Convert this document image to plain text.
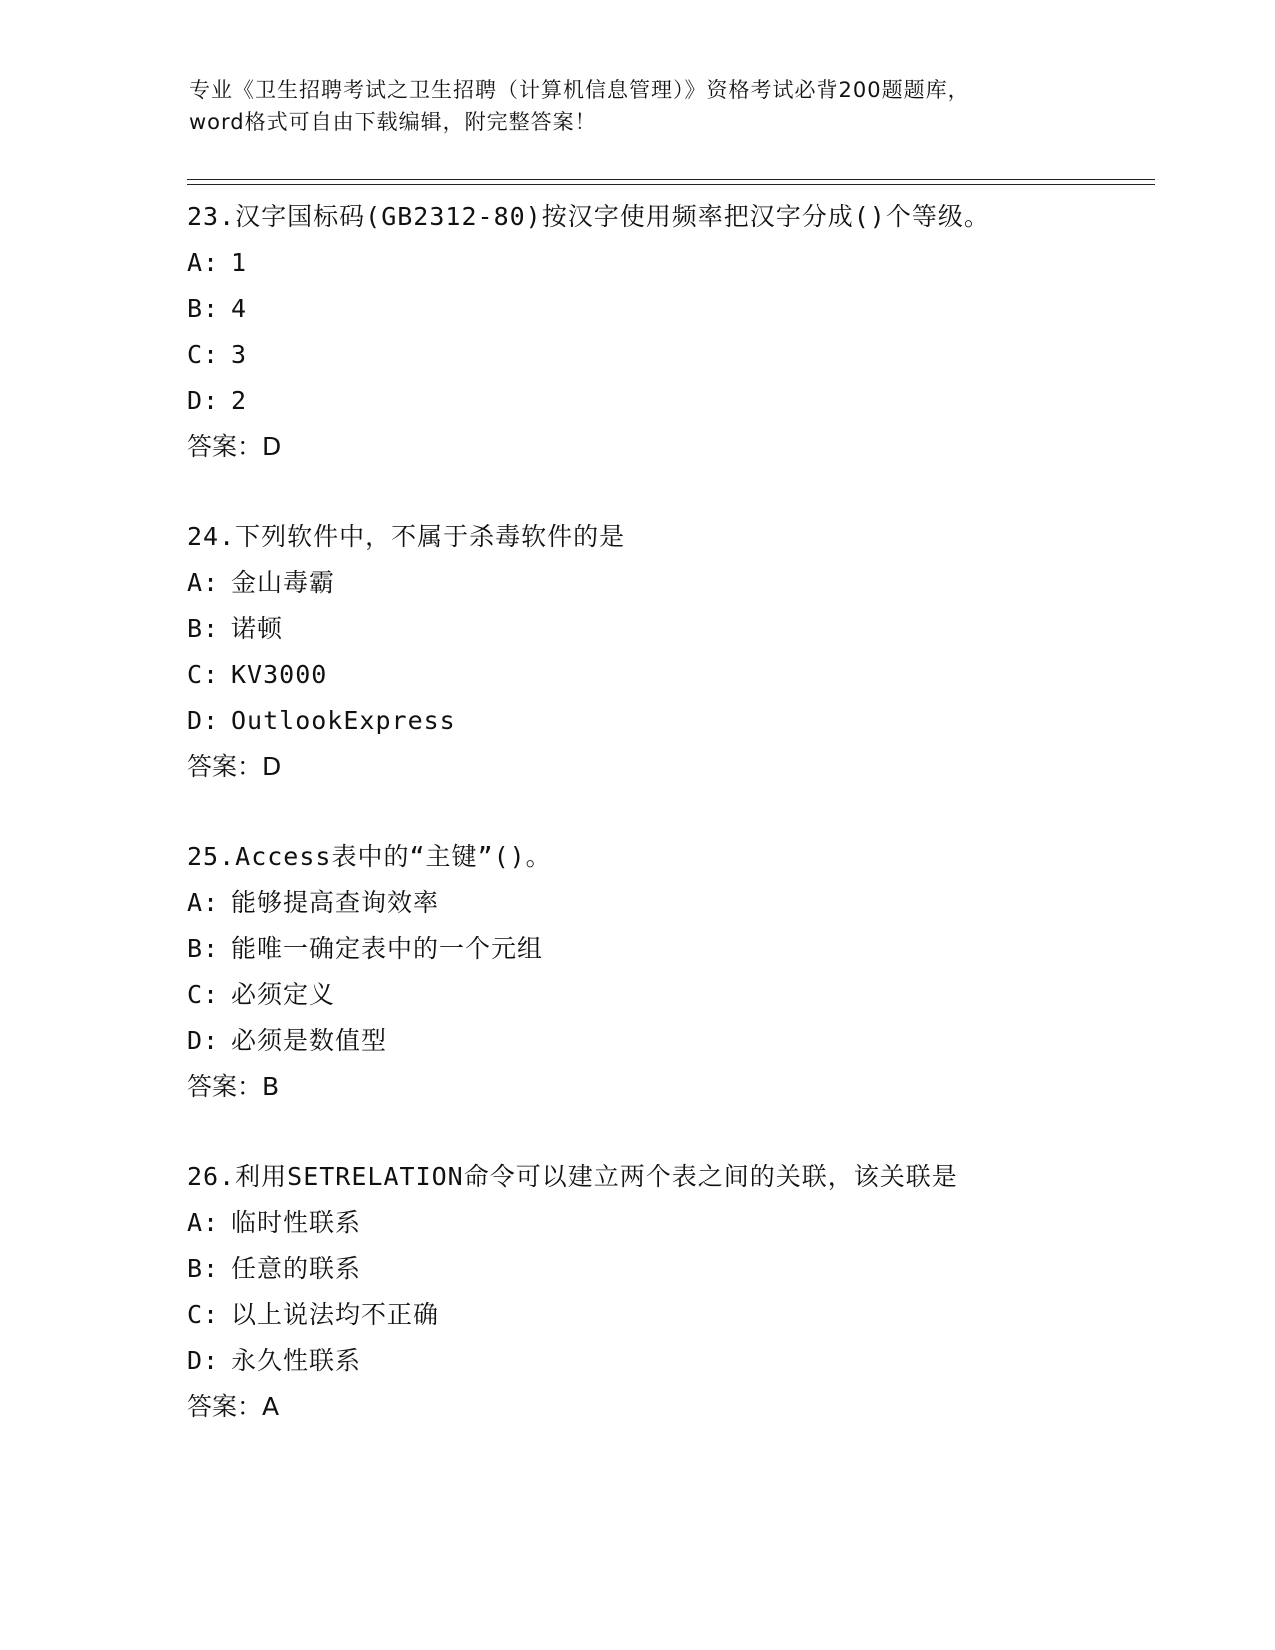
专业《卫生招聘考试之卫生招聘（计算机信息管理）》资格考试必背200题题库，
word格式可自由下载编辑，附完整答案！
23.汉字国标码(GB2312-80)按汉字使用频率把汉字分成()个等级。
A: 1
B: 4
C: 3
D: 2
答案：D
24.下列软件中，不属于杀毒软件的是
A: 金山毒霸
B: 诺顿
C: KV3000
D: OutlookExpress
答案：D
25.Access表中的“主键”()。
A: 能够提高查询效率
B: 能唯一确定表中的一个元组
C: 必须定义
D: 必须是数值型
答案：B
26.利用SETRELATION命令可以建立两个表之间的关联，该关联是
A: 临时性联系
B: 任意的联系
C: 以上说法均不正确
D: 永久性联系
答案：A
